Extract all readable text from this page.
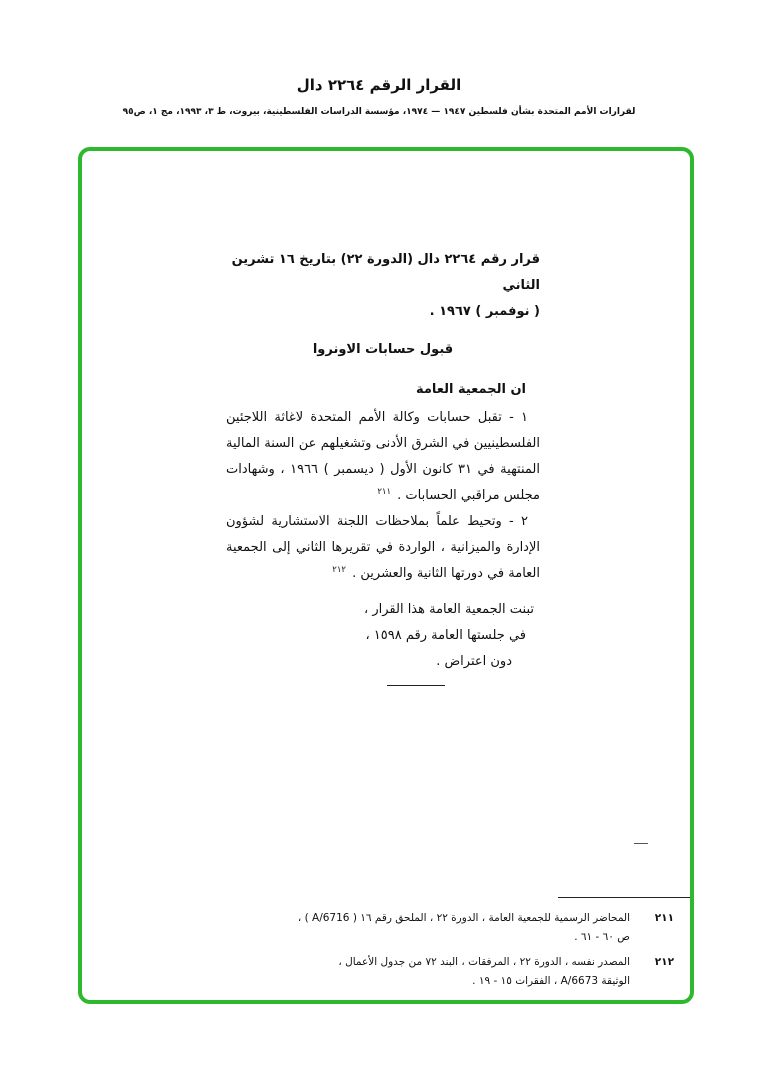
القرار الرقم ٢٢٦٤ دال
لقرارات الأمم المتحدة بشأن فلسطين ١٩٤٧ — ١٩٧٤، مؤسسة الدراسات الفلسطينية، بيروت، ط ٣، ١٩٩٣، مج ١، ص٩٥

قرار رقم ٢٢٦٤ دال (الدورة ٢٢) بتاريخ ١٦ تشرين الثاني
( نوفمبر ) ١٩٦٧ .

قبول حسابات الاونروا

ان الجمعية العامة

١ - تقبل حسابات وكالة الأمم المتحدة لاغاثة اللاجئين الفلسطينيين في الشرق الأدنى وتشغيلهم عن السنة المالية المنتهية في ٣١ كانون الأول ( ديسمبر ) ١٩٦٦ ، وشهادات مجلس مراقبي الحسابات . $^{٢١١}$

٢ - وتحيط علماً بملاحظات اللجنة الاستشارية لشؤون الإدارة والميزانية ، الواردة في تقريرها الثاني إلى الجمعية العامة في دورتها الثانية والعشرين . $^{٢١٢}$

تبنت الجمعية العامة هذا القرار ،
في جلستها العامة رقم ١٥٩٨ ،
دون اعتراض .
٢١١
المحاضر الرسمية للجمعية العامة ، الدورة ٢٢ ، الملحق رقم ١٦ ( A/6716 ) ،
ص ٦٠ - ٦١ .
٢١٢
المصدر نفسه ، الدورة ٢٢ ، المرفقات ، البند ٧٢ من جدول الأعمال ،
الوثيقة A/6673 ، الفقرات ١٥ - ١٩ .
